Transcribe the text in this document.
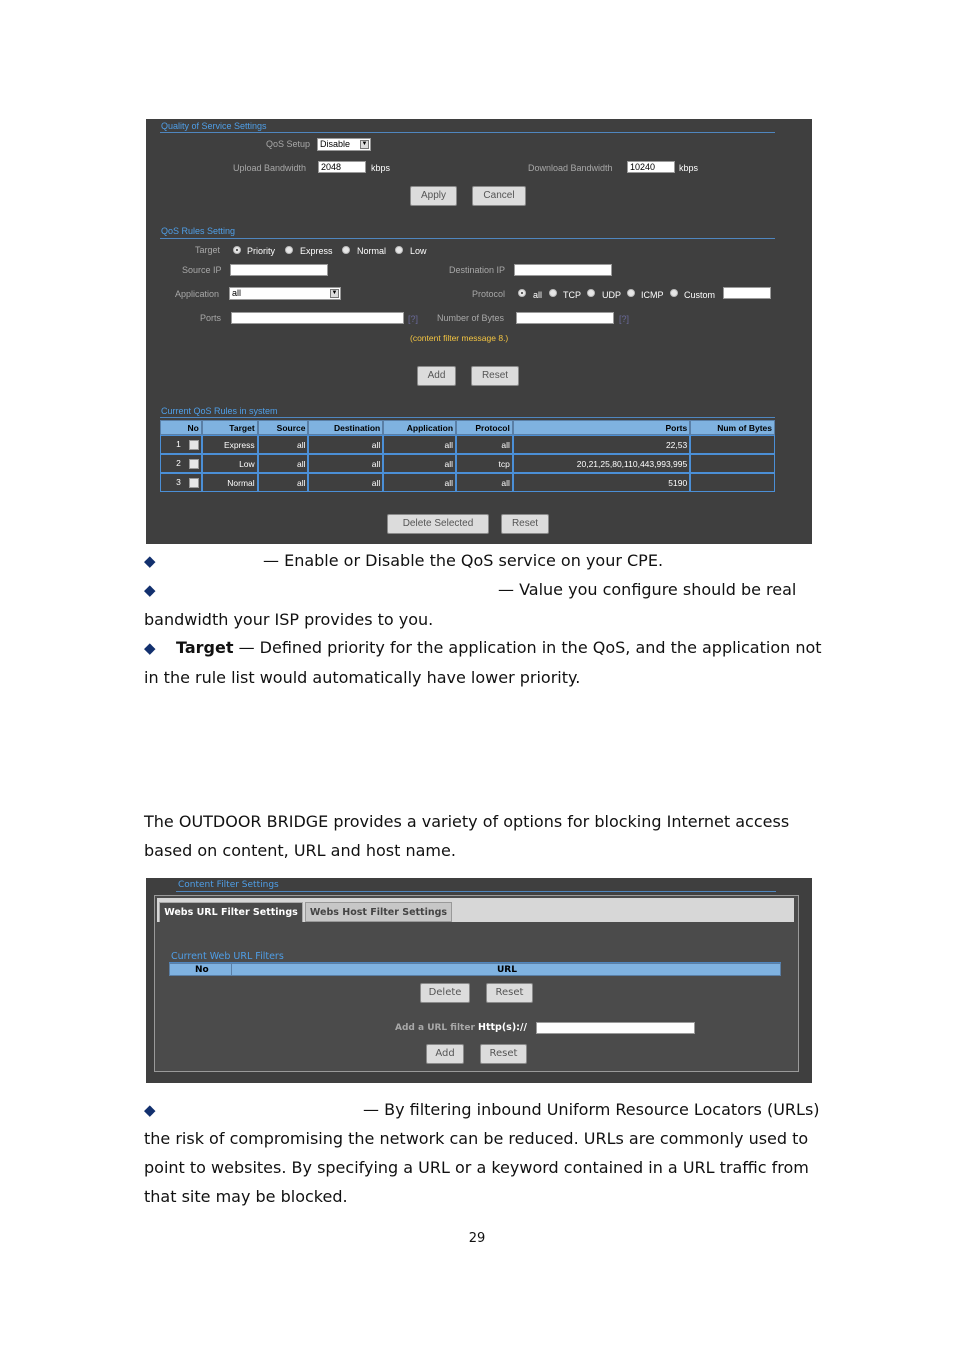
Quality of Service Settings
QoS Setup	Disable ▼
Upload Bandwidth	2048	kbps	Download Bandwidth	10240	kbps
Apply	Cancel
QoS Rules Setting
Target	Priority	Express	Normal	Low
Source IP	Destination IP
Application	all	▼	Protocol	all TCP UDP ICMP Custom
Ports	[?] Number of Bytes	[?]
(content filter message 8.)
Add	Reset
Current QoS Rules in system
No	Target	Source	Destination	Application	Protocol	Ports	Num of Bytes
1	Express	all	all	all	all	22,53	
2	Low	all	all	all	tcp	20,21,25,80,110,443,993,995	
3	Normal	all	all	all	all	5190	
Delete Selected	Reset
◆	— Enable or Disable the QoS service on your CPE.
◆	— Value you configure should be real
bandwidth your ISP provides to you.
◆ Target — Defined priority for the application in the QoS, and the application not
in the rule list would automatically have lower priority.
The OUTDOOR BRIDGE provides a variety of options for blocking Internet access
based on content, URL and host name.
Content Filter Settings
Webs URL Filter Settings	Webs Host Filter Settings
Current Web URL Filters
No	URL
Delete	Reset
Add a URL filter Http(s)://
Add	Reset
◆	— By filtering inbound Uniform Resource Locators (URLs)
the risk of compromising the network can be reduced. URLs are commonly used to
point to websites. By specifying a URL or a keyword contained in a URL traffic from
that site may be blocked.
29
